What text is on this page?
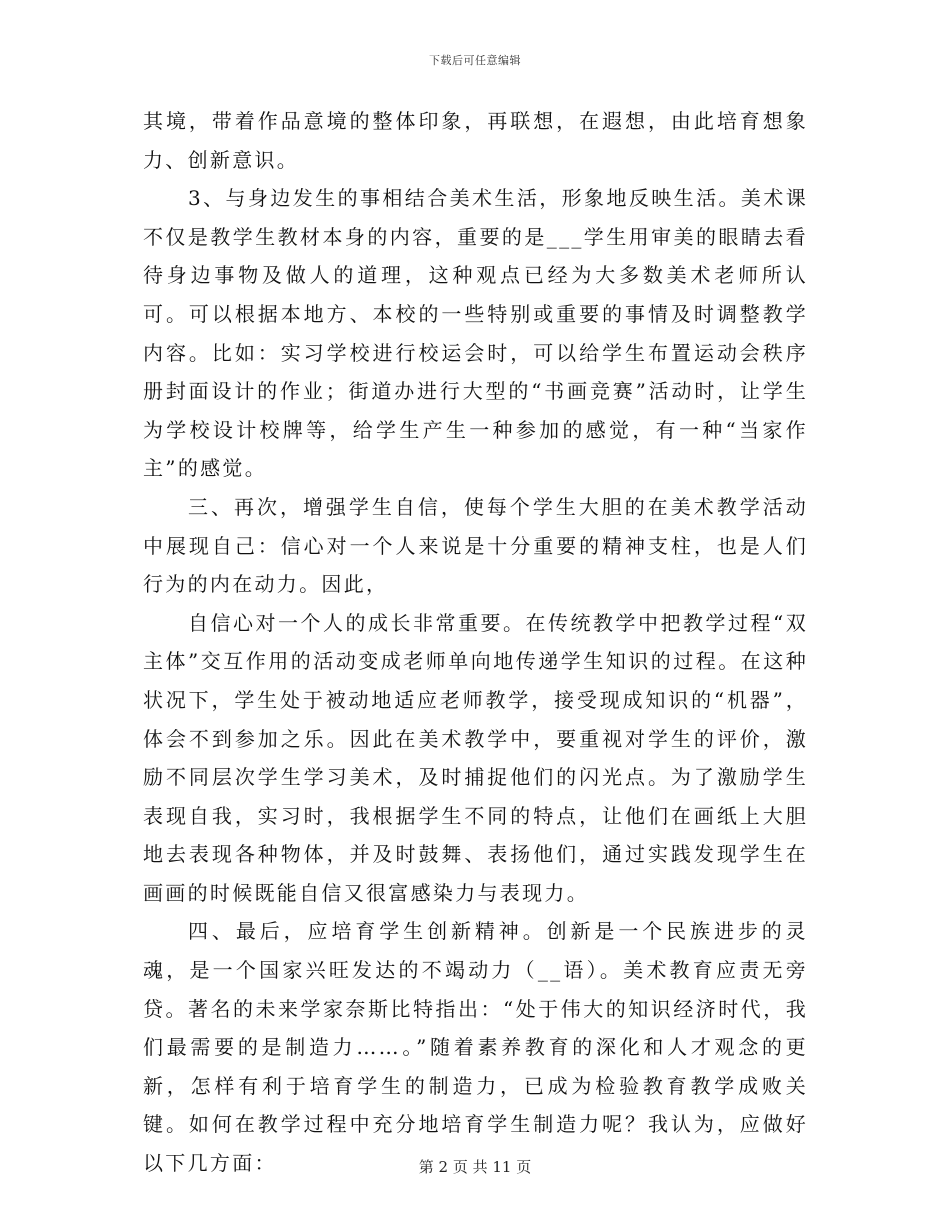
下载后可任意编辑

其境，带着作品意境的整体印象，再联想，在遐想，由此培育想象力、创新意识。

3、与身边发生的事相结合美术生活，形象地反映生活。美术课不仅是教学生教材本身的内容，重要的是___学生用审美的眼睛去看待身边事物及做人的道理，这种观点已经为大多数美术老师所认可。可以根据本地方、本校的一些特别或重要的事情及时调整教学内容。比如：实习学校进行校运会时，可以给学生布置运动会秩序册封面设计的作业；街道办进行大型的“书画竞赛”活动时，让学生为学校设计校牌等，给学生产生一种参加的感觉，有一种“当家作主”的感觉。

三、再次，增强学生自信，使每个学生大胆的在美术教学活动中展现自己：信心对一个人来说是十分重要的精神支柱，也是人们行为的内在动力。因此，

自信心对一个人的成长非常重要。在传统教学中把教学过程“双主体”交互作用的活动变成老师单向地传递学生知识的过程。在这种状况下，学生处于被动地适应老师教学，接受现成知识的“机器”，体会不到参加之乐。因此在美术教学中，要重视对学生的评价，激励不同层次学生学习美术，及时捕捉他们的闪光点。为了激励学生表现自我，实习时，我根据学生不同的特点，让他们在画纸上大胆地去表现各种物体，并及时鼓舞、表扬他们，通过实践发现学生在画画的时候既能自信又很富感染力与表现力。

四、最后，应培育学生创新精神。创新是一个民族进步的灵魂，是一个国家兴旺发达的不竭动力（__语）。美术教育应责无旁贷。著名的未来学家奈斯比特指出：“处于伟大的知识经济时代，我们最需要的是制造力……。”随着素养教育的深化和人才观念的更新，怎样有利于培育学生的制造力，已成为检验教育教学成败关键。如何在教学过程中充分地培育学生制造力呢？我认为，应做好以下几方面：	第 2 页 共 11 页
